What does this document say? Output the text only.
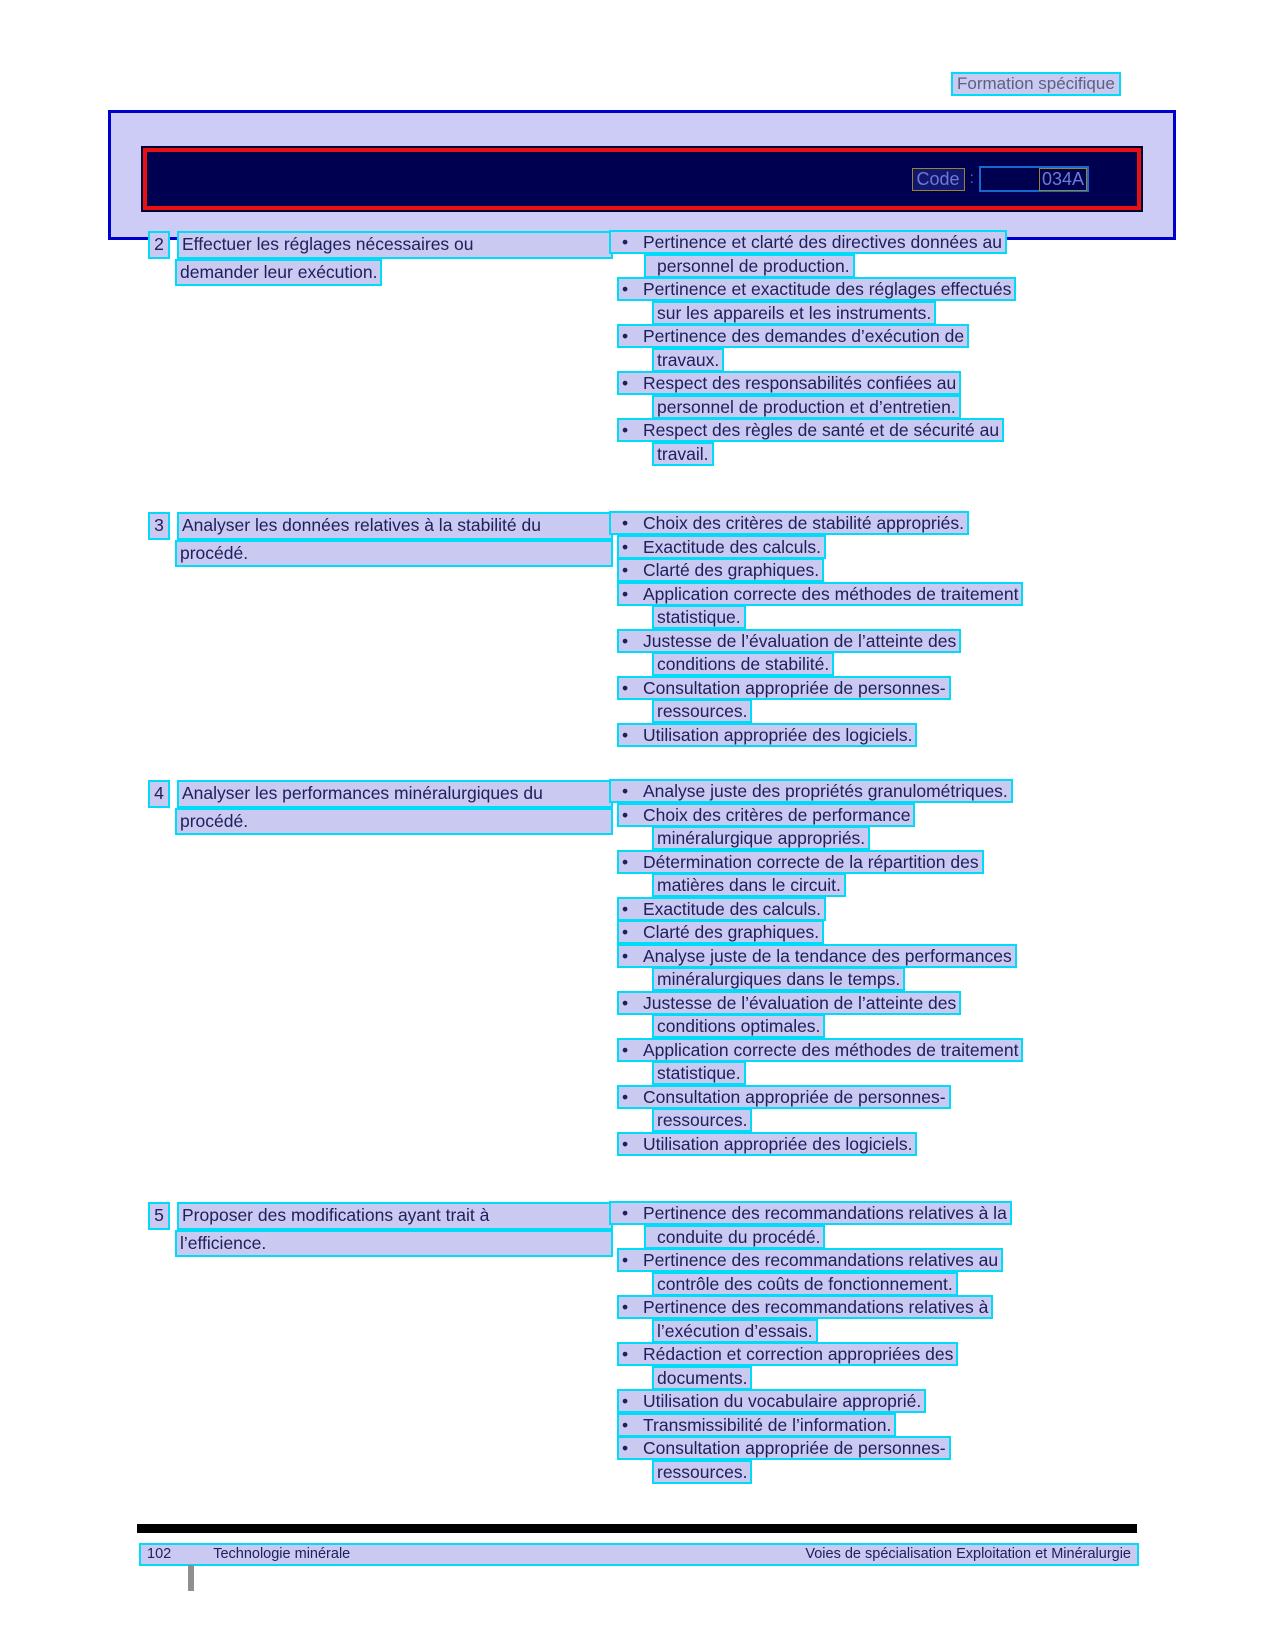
Formation spécifique
Code :	034A
2	Effectuer les réglages nécessaires ou
demander leur exécution.
• Pertinence et clarté des directives données au
personnel de production.
• Pertinence et exactitude des réglages effectués
sur les appareils et les instruments.
• Pertinence des demandes d’exécution de
travaux.
• Respect des responsabilités confiées au
personnel de production et d’entretien.
• Respect des règles de santé et de sécurité au
travail.
3	Analyser les données relatives à la stabilité du
procédé.
• Choix des critères de stabilité appropriés.
• Exactitude des calculs.
• Clarté des graphiques.
• Application correcte des méthodes de traitement
statistique.
• Justesse de l’évaluation de l’atteinte des
conditions de stabilité.
• Consultation appropriée de personnes-
ressources.
• Utilisation appropriée des logiciels.
4	Analyser les performances minéralurgiques du
procédé.
• Analyse juste des propriétés granulométriques.
• Choix des critères de performance
minéralurgique appropriés.
• Détermination correcte de la répartition des
matières dans le circuit.
• Exactitude des calculs.
• Clarté des graphiques.
• Analyse juste de la tendance des performances
minéralurgiques dans le temps.
• Justesse de l’évaluation de l’atteinte des
conditions optimales.
• Application correcte des méthodes de traitement
statistique.
• Consultation appropriée de personnes-
ressources.
• Utilisation appropriée des logiciels.
5	Proposer des modifications ayant trait à
l’efficience.
• Pertinence des recommandations relatives à la
conduite du procédé.
• Pertinence des recommandations relatives au
contrôle des coûts de fonctionnement.
• Pertinence des recommandations relatives à
l’exécution d’essais.
• Rédaction et correction appropriées des
documents.
• Utilisation du vocabulaire approprié.
• Transmissibilité de l’information.
• Consultation appropriée de personnes-
ressources.
102	Technologie minérale	Voies de spécialisation Exploitation et Minéralurgie
